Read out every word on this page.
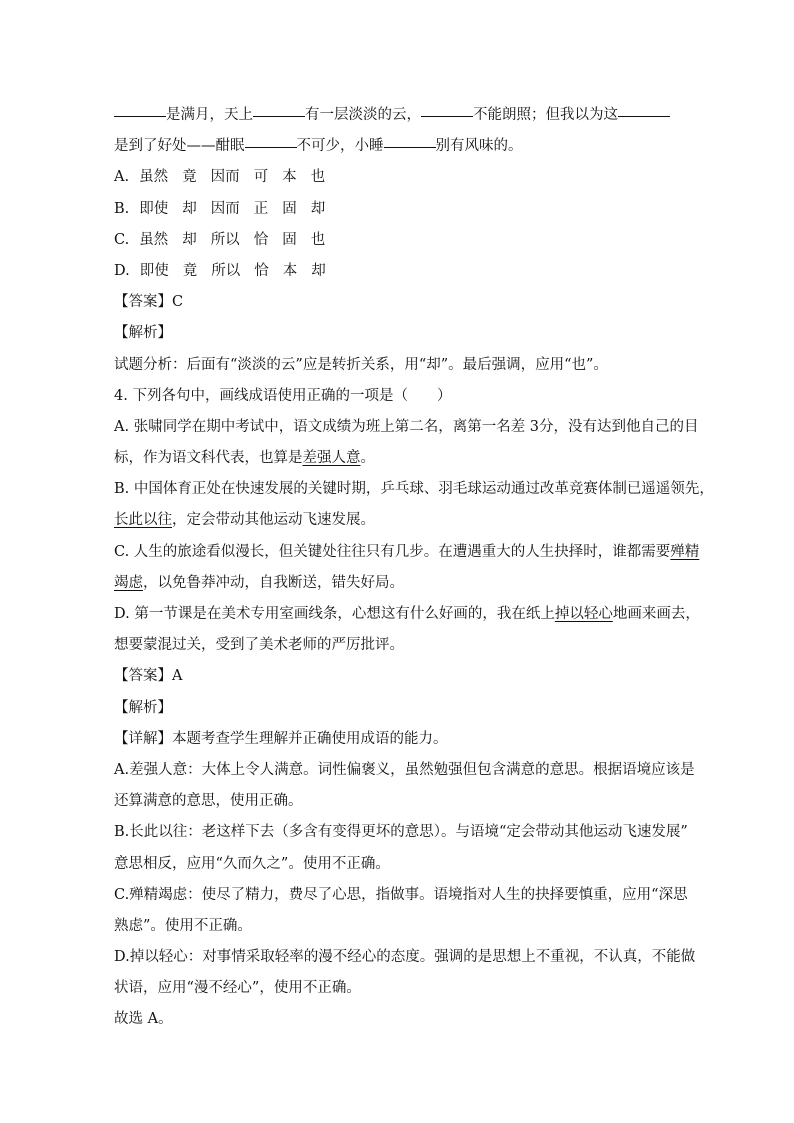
是满月，天上	有一层淡淡的云，	不能朗照；但我以为这
是到了好处——酣眠	不可少，小睡	别有风味的。
A. 虽然 竟 因而 可 本 也
B. 即使 却 因而 正 固 却
C. 虽然 却 所以 恰 固 也
D. 即使 竟 所以 恰 本 却
【答案】C
【解析】
试题分析：后面有“淡淡的云”应是转折关系，用“却”。最后强调，应用“也”。
4. 下列各句中，画线成语使用正确的一项是（　　）
A. 张啸同学在期中考试中，语文成绩为班上第二名，离第一名差 3分，没有达到他自己的目
标，作为语文科代表，也算是差强人意。
B. 中国体育正处在快速发展的关键时期，乒乓球、羽毛球运动通过改革竞赛体制已遥遥领先，
长此以往，定会带动其他运动飞速发展。
C. 人生的旅途看似漫长，但关键处往往只有几步。在遭遇重大的人生抉择时，谁都需要殚精
竭虑，以免鲁莽冲动，自我断送，错失好局。
D. 第一节课是在美术专用室画线条，心想这有什么好画的，我在纸上掉以轻心地画来画去，
想要蒙混过关，受到了美术老师的严厉批评。
【答案】A
【解析】
【详解】本题考查学生理解并正确使用成语的能力。
A.差强人意：大体上令人满意。词性偏褒义，虽然勉强但包含满意的意思。根据语境应该是
还算满意的意思，使用正确。
B.长此以往：老这样下去（多含有变得更坏的意思）。与语境“定会带动其他运动飞速发展”
意思相反，应用“久而久之”。使用不正确。
C.殚精竭虑：使尽了精力，费尽了心思，指做事。语境指对人生的抉择要慎重，应用“深思
熟虑”。使用不正确。
D.掉以轻心：对事情采取轻率的漫不经心的态度。强调的是思想上不重视，不认真，不能做
状语，应用“漫不经心”，使用不正确。
故选 A。
